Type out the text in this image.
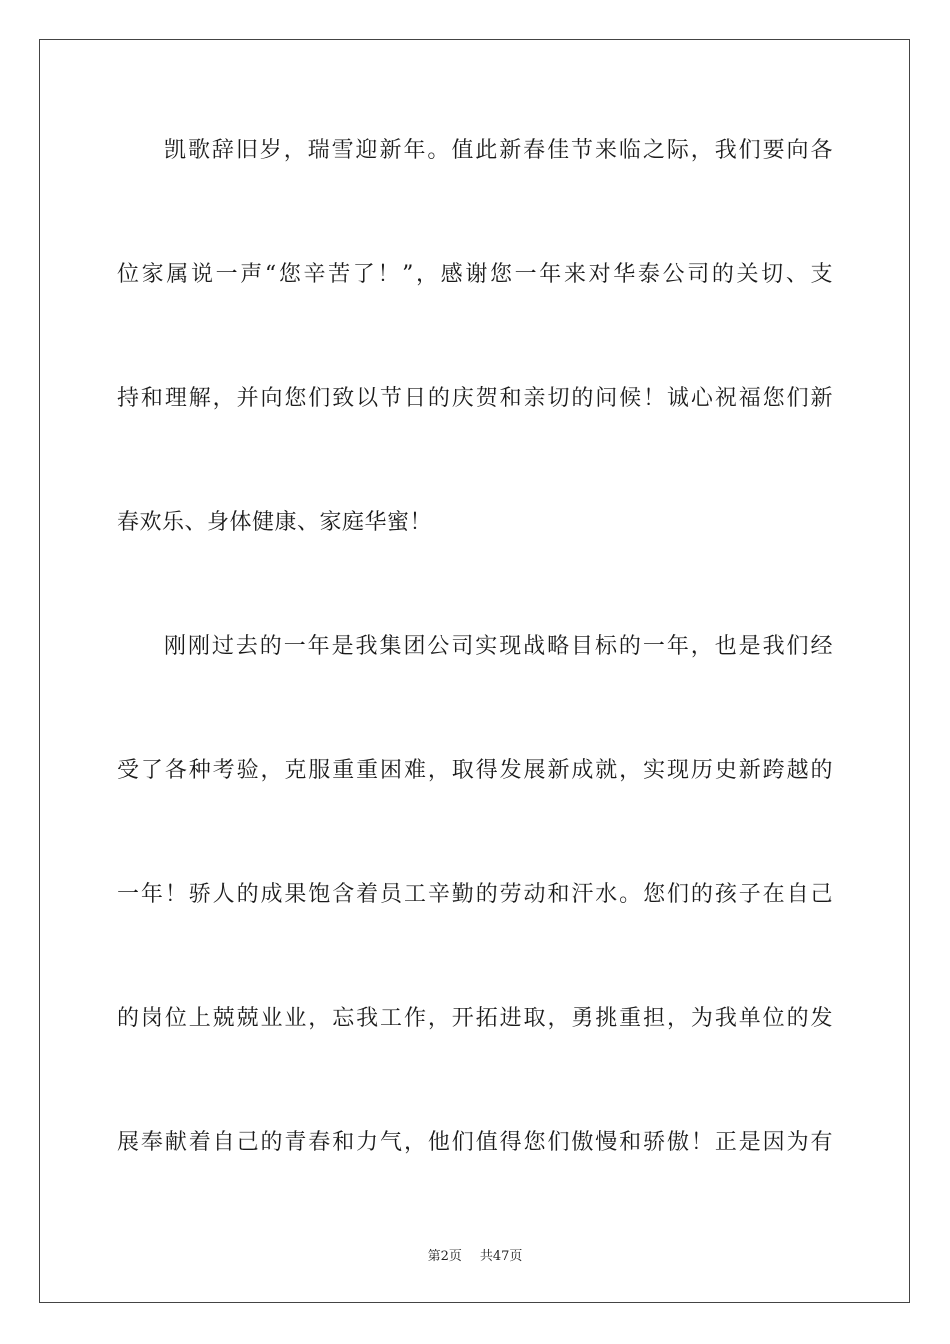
凯歌辞旧岁，瑞雪迎新年。值此新春佳节来临之际，我们要向各
位家属说一声“您辛苦了！”，感谢您一年来对华泰公司的关切、支
持和理解，并向您们致以节日的庆贺和亲切的问候！诚心祝福您们新
春欢乐、身体健康、家庭华蜜！
刚刚过去的一年是我集团公司实现战略目标的一年，也是我们经
受了各种考验，克服重重困难，取得发展新成就，实现历史新跨越的
一年！骄人的成果饱含着员工辛勤的劳动和汗水。您们的孩子在自己
的岗位上兢兢业业，忘我工作，开拓进取，勇挑重担，为我单位的发
展奉献着自己的青春和力气，他们值得您们傲慢和骄傲！正是因为有
第2页 共47页
